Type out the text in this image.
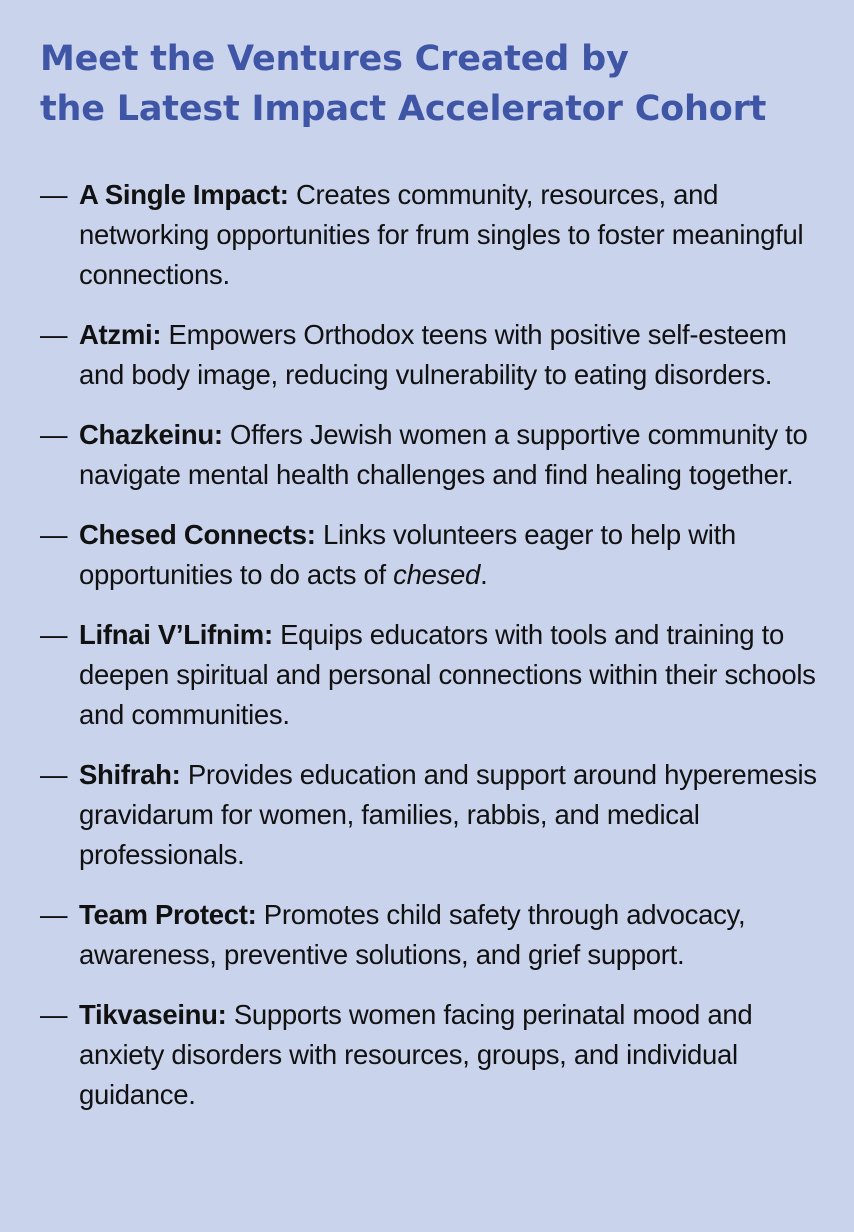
Meet the Ventures Created by
the Latest Impact Accelerator Cohort
— A Single Impact: Creates community, resources, and networking opportunities for frum singles to foster meaningful connections.
— Atzmi: Empowers Orthodox teens with positive self-esteem and body image, reducing vulnerability to eating disorders.
— Chazkeinu: Offers Jewish women a supportive community to navigate mental health challenges and find healing together.
— Chesed Connects: Links volunteers eager to help with opportunities to do acts of chesed.
— Lifnai V’Lifnim: Equips educators with tools and training to deepen spiritual and personal connections within their schools and communities.
— Shifrah: Provides education and support around hyperemesis gravidarum for women, families, rabbis, and medical professionals.
— Team Protect: Promotes child safety through advocacy, awareness, preventive solutions, and grief support.
— Tikvaseinu: Supports women facing perinatal mood and anxiety disorders with resources, groups, and individual guidance.
